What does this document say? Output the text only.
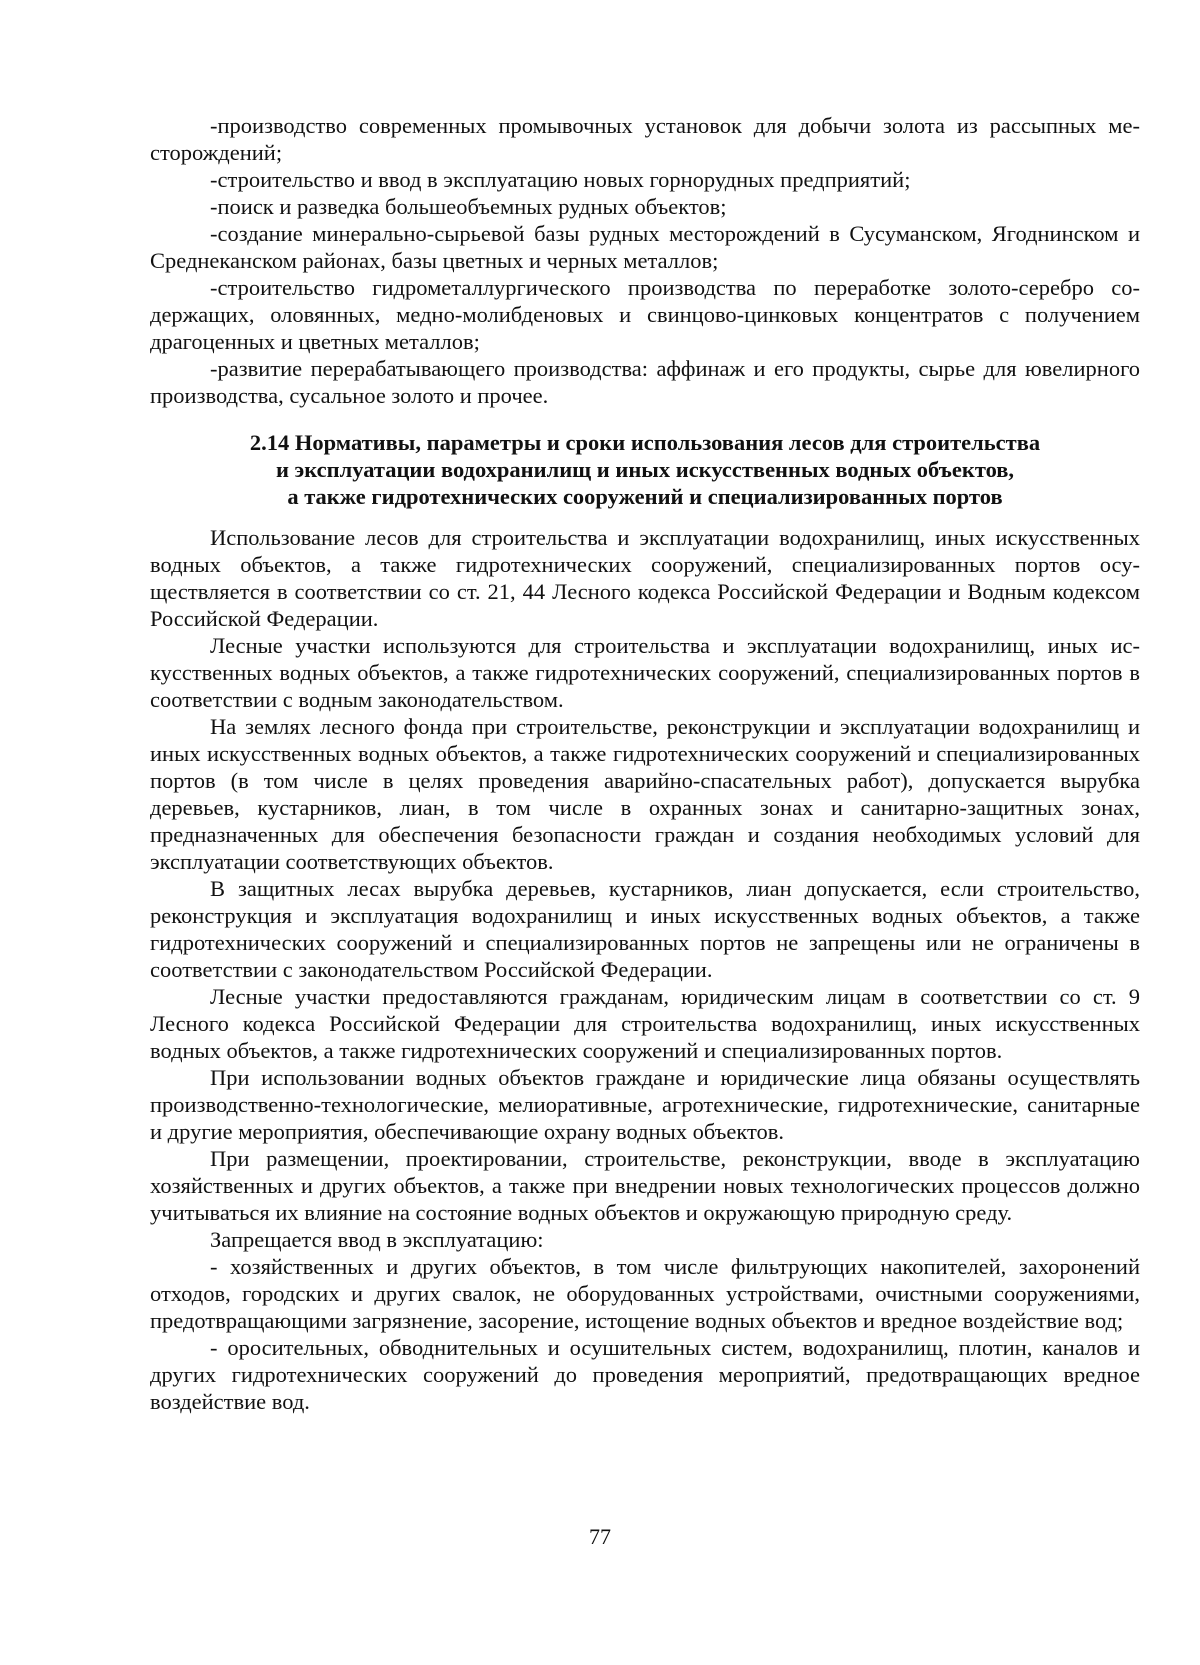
-производство современных промывочных установок для добычи золота из рассыпных месторождений;

-строительство и ввод в эксплуатацию новых горнорудных предприятий;

-поиск и разведка большеобъемных рудных объектов;

-создание минерально-сырьевой базы рудных месторождений в Сусуманском, Ягоднинском и Среднеканском районах, базы цветных и черных металлов;

-строительство гидрометаллургического производства по переработке золото-серебро содержащих, оловянных, медно-молибденовых и свинцово-цинковых концентратов с получением драгоценных и цветных металлов;

-развитие перерабатывающего производства: аффинаж и его продукты, сырье для ювелирного производства, сусальное золото и прочее.

2.14 Нормативы, параметры и сроки использования лесов для строительства
и эксплуатации водохранилищ и иных искусственных водных объектов,
а также гидротехнических сооружений и специализированных портов

Использование лесов для строительства и эксплуатации водохранилищ, иных искусственных водных объектов, а также гидротехнических сооружений, специализированных портов осуществляется в соответствии со ст. 21, 44 Лесного кодекса Российской Федерации и Водным кодексом Российской Федерации.

Лесные участки используются для строительства и эксплуатации водохранилищ, иных искусственных водных объектов, а также гидротехнических сооружений, специализированных портов в соответствии с водным законодательством.

На землях лесного фонда при строительстве, реконструкции и эксплуатации водохранилищ и иных искусственных водных объектов, а также гидротехнических сооружений и специализированных портов (в том числе в целях проведения аварийно-спасательных работ), допускается вырубка деревьев, кустарников, лиан, в том числе в охранных зонах и санитарно-защитных зонах, предназначенных для обеспечения безопасности граждан и создания необходимых условий для эксплуатации соответствующих объектов.

В защитных лесах вырубка деревьев, кустарников, лиан допускается, если строительство, реконструкция и эксплуатация водохранилищ и иных искусственных водных объектов, а также гидротехнических сооружений и специализированных портов не запрещены или не ограничены в соответствии с законодательством Российской Федерации.

Лесные участки предоставляются гражданам, юридическим лицам в соответствии со ст. 9 Лесного кодекса Российской Федерации для строительства водохранилищ, иных искусственных водных объектов, а также гидротехнических сооружений и специализированных портов.

При использовании водных объектов граждане и юридические лица обязаны осуществлять производственно-технологические, мелиоративные, агротехнические, гидротехнические, санитарные и другие мероприятия, обеспечивающие охрану водных объектов.

При размещении, проектировании, строительстве, реконструкции, вводе в эксплуатацию хозяйственных и других объектов, а также при внедрении новых технологических процессов должно учитываться их влияние на состояние водных объектов и окружающую природную среду.

Запрещается ввод в эксплуатацию:

- хозяйственных и других объектов, в том числе фильтрующих накопителей, захоронений отходов, городских и других свалок, не оборудованных устройствами, очистными сооружениями, предотвращающими загрязнение, засорение, истощение водных объектов и вредное воздействие вод;

- оросительных, обводнительных и осушительных систем, водохранилищ, плотин, каналов и других гидротехнических сооружений до проведения мероприятий, предотвращающих вредное воздействие вод.

77
